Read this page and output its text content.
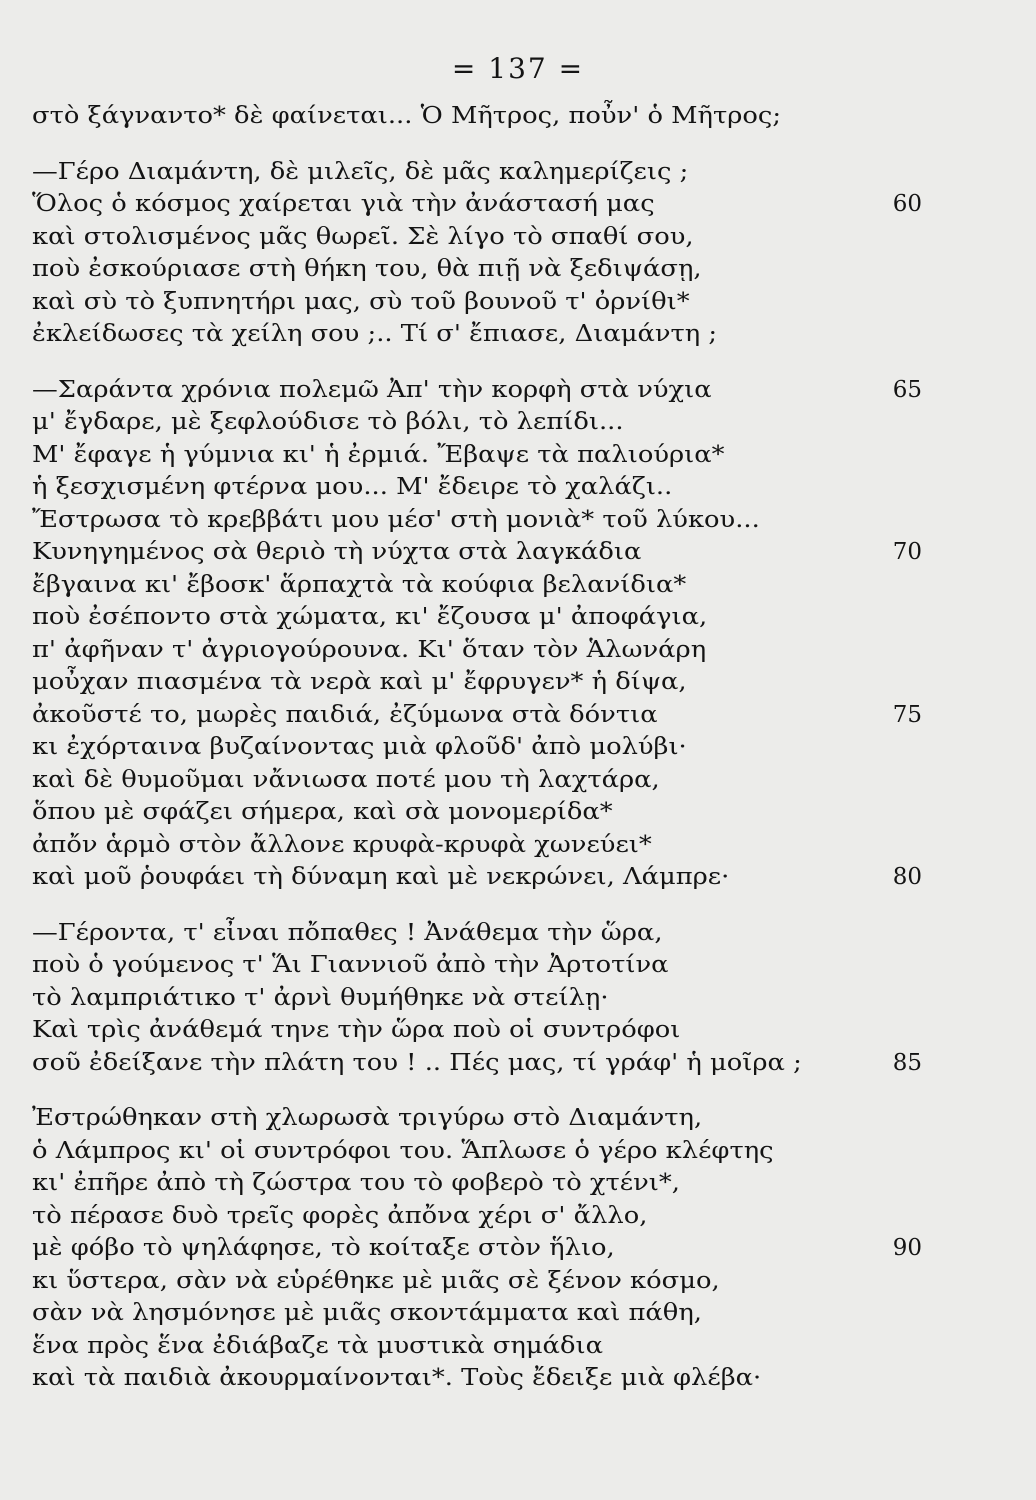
= 137 =
στὸ ξάγναντο* δὲ φαίνεται... Ὁ Μῆτρος, ποὖν' ὁ Μῆτρος;
—Γέρο Διαμάντη, δὲ μιλεῖς, δὲ μᾶς καλημερίζεις ;
Ὅλος ὁ κόσμος χαίρεται γιὰ τὴν ἀνάστασή μας	60
καὶ στολισμένος μᾶς θωρεῖ. Σὲ λίγο τὸ σπαθί σου,
ποὺ ἐσκούριασε στὴ θήκη του, θὰ πιῇ νὰ ξεδιψάσῃ,
καὶ σὺ τὸ ξυπνητήρι μας, σὺ τοῦ βουνοῦ τ' ὀρνίθι*
ἐκλείδωσες τὰ χείλη σου ;.. Τί σ' ἔπιασε, Διαμάντη ;
—Σαράντα χρόνια πολεμῶ Ἀπ' τὴν κορφὴ στὰ νύχια	65
μ' ἔγδαρε, μὲ ξεφλούδισε τὸ βόλι, τὸ λεπίδι...
Μ' ἔφαγε ἡ γύμνια κι' ἡ ἐρμιά. Ἔβαψε τὰ παλιούρια*
ἡ ξεσχισμένη φτέρνα μου... Μ' ἔδειρε τὸ χαλάζι..
Ἔστρωσα τὸ κρεββάτι μου μέσ' στὴ μονιὰ* τοῦ λύκου...
Κυνηγημένος σὰ θεριὸ τὴ νύχτα στὰ λαγκάδια	70
ἔβγαινα κι' ἔβοσκ' ἅρπαχτὰ τὰ κούφια βελανίδια*
ποὺ ἐσέποντο στὰ χώματα, κι' ἔζουσα μ' ἀποφάγια,
π' ἀφῆναν τ' ἀγριογούρουνα. Κι' ὅταν τὸν Ἁλωνάρη
μοὖχαν πιασμένα τὰ νερὰ καὶ μ' ἔφρυγεν* ἡ δίψα,
ἀκοῦστέ το, μωρὲς παιδιά, ἐζύμωνα στὰ δόντια	75
κι ἐχόρταινα βυζαίνοντας μιὰ φλοῦδ' ἀπὸ μολύβι·
καὶ δὲ θυμοῦμαι νἄνιωσα ποτέ μου τὴ λαχτάρα,
ὅπου μὲ σφάζει σήμερα, καὶ σὰ μονομερίδα*
ἀπὄν ἁρμὸ στὸν ἄλλονε κρυφὰ-κρυφὰ χωνεύει*
καὶ μοῦ ῥουφάει τὴ δύναμη καὶ μὲ νεκρώνει, Λάμπρε·	80
—Γέροντα, τ' εἶναι πὄπαθες ! Ἀνάθεμα τὴν ὥρα,
ποὺ ὁ γούμενος τ' Ἅι Γιαννιοῦ ἀπὸ τὴν Ἀρτοτίνα
τὸ λαμπριάτικο τ' ἀρνὶ θυμήθηκε νὰ στείλῃ·
Καὶ τρὶς ἀνάθεμά τηνε τὴν ὥρα ποὺ οἱ συντρόφοι
σοῦ ἐδείξανε τὴν πλάτη του ! .. Πές μας, τί γράφ' ἡ μοῖρα ;	85
Ἐστρώθηκαν στὴ χλωρωσὰ τριγύρω στὸ Διαμάντη,
ὁ Λάμπρος κι' οἱ συντρόφοι του. Ἅπλωσε ὁ γέρο κλέφτης
κι' ἐπῆρε ἀπὸ τὴ ζώστρα του τὸ φοβερὸ τὸ χτένι*,
τὸ πέρασε δυὸ τρεῖς φορὲς ἀπὄνα χέρι σ' ἄλλο,
μὲ φόβο τὸ ψηλάφησε, τὸ κοίταξε στὸν ἥλιο,	90
κι ὕστερα, σὰν νὰ εὑρέθηκε μὲ μιᾶς σὲ ξένον κόσμο,
σὰν νὰ λησμόνησε μὲ μιᾶς σκοντάμματα καὶ πάθη,
ἕνα πρὸς ἕνα ἐδιάβαζε τὰ μυστικὰ σημάδια
καὶ τὰ παιδιὰ ἀκουρμαίνονται*. Τοὺς ἔδειξε μιὰ φλέβα·
